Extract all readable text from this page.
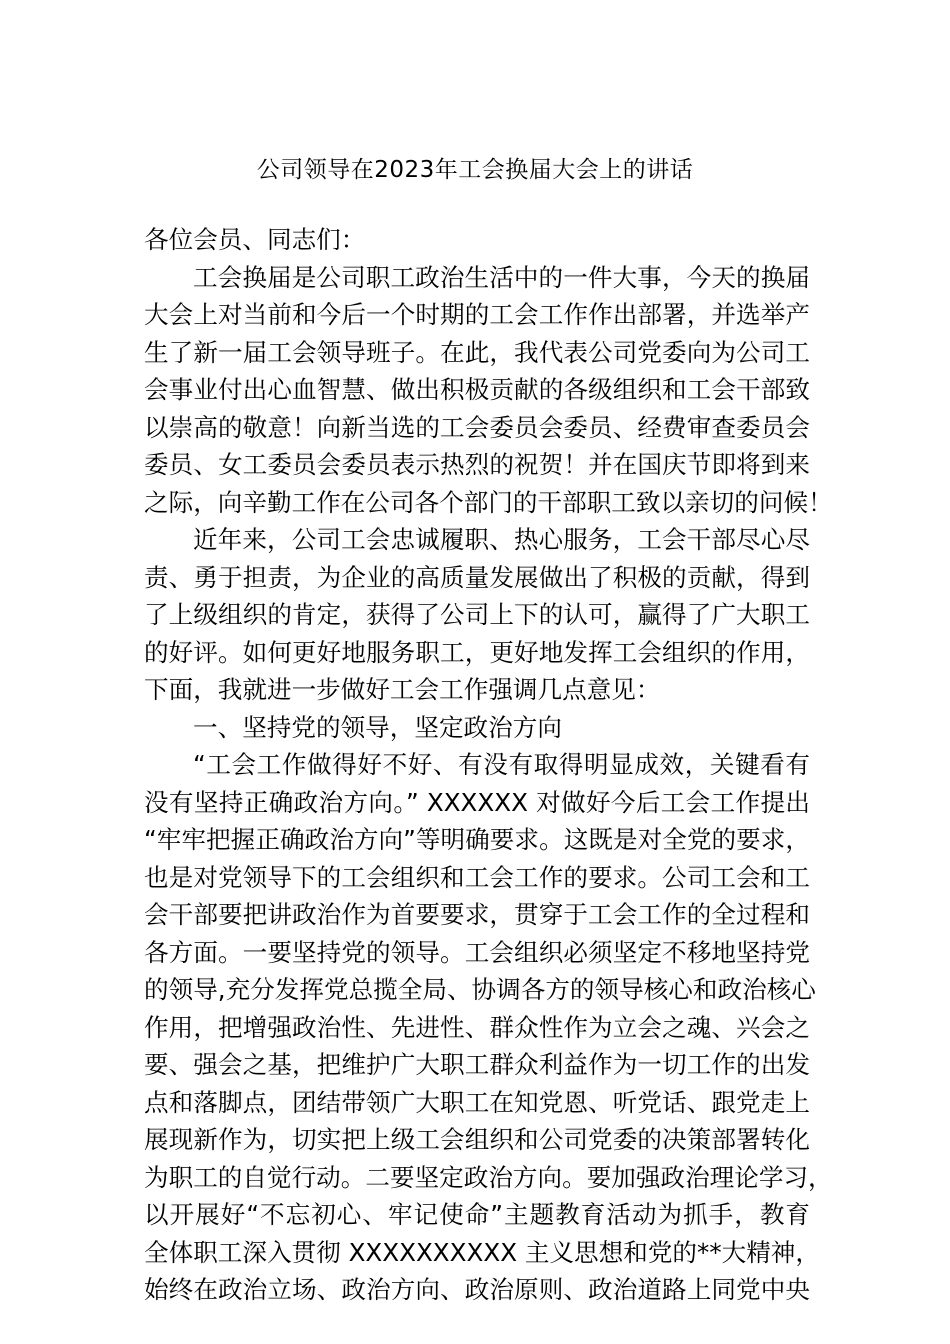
公司领导在2023年工会换届大会上的讲话
各位会员、同志们：
工会换届是公司职工政治生活中的一件大事，今天的换届
大会上对当前和今后一个时期的工会工作作出部署，并选举产
生了新一届工会领导班子。在此，我代表公司党委向为公司工
会事业付出心血智慧、做出积极贡献的各级组织和工会干部致
以崇高的敬意！向新当选的工会委员会委员、经费审查委员会
委员、女工委员会委员表示热烈的祝贺！并在国庆节即将到来
之际，向辛勤工作在公司各个部门的干部职工致以亲切的问候！
近年来，公司工会忠诚履职、热心服务，工会干部尽心尽
责、勇于担责，为企业的高质量发展做出了积极的贡献，得到
了上级组织的肯定，获得了公司上下的认可，赢得了广大职工
的好评。如何更好地服务职工，更好地发挥工会组织的作用，
下面，我就进一步做好工会工作强调几点意见：
一、坚持党的领导，坚定政治方向
“工会工作做得好不好、有没有取得明显成效，关键看有
没有坚持正确政治方向。” XXXXXX 对做好今后工会工作提出
“牢牢把握正确政治方向”等明确要求。这既是对全党的要求，
也是对党领导下的工会组织和工会工作的要求。公司工会和工
会干部要把讲政治作为首要要求，贯穿于工会工作的全过程和
各方面。一要坚持党的领导。工会组织必须坚定不移地坚持党
的领导,充分发挥党总揽全局、协调各方的领导核心和政治核心
作用，把增强政治性、先进性、群众性作为立会之魂、兴会之
要、强会之基，把维护广大职工群众利益作为一切工作的出发
点和落脚点，团结带领广大职工在知党恩、听党话、跟党走上
展现新作为，切实把上级工会组织和公司党委的决策部署转化
为职工的自觉行动。二要坚定政治方向。要加强政治理论学习，
以开展好“不忘初心、牢记使命”主题教育活动为抓手，教育
全体职工深入贯彻 XXXXXXXXXX 主义思想和党的**大精神，
始终在政治立场、政治方向、政治原则、政治道路上同党中央
